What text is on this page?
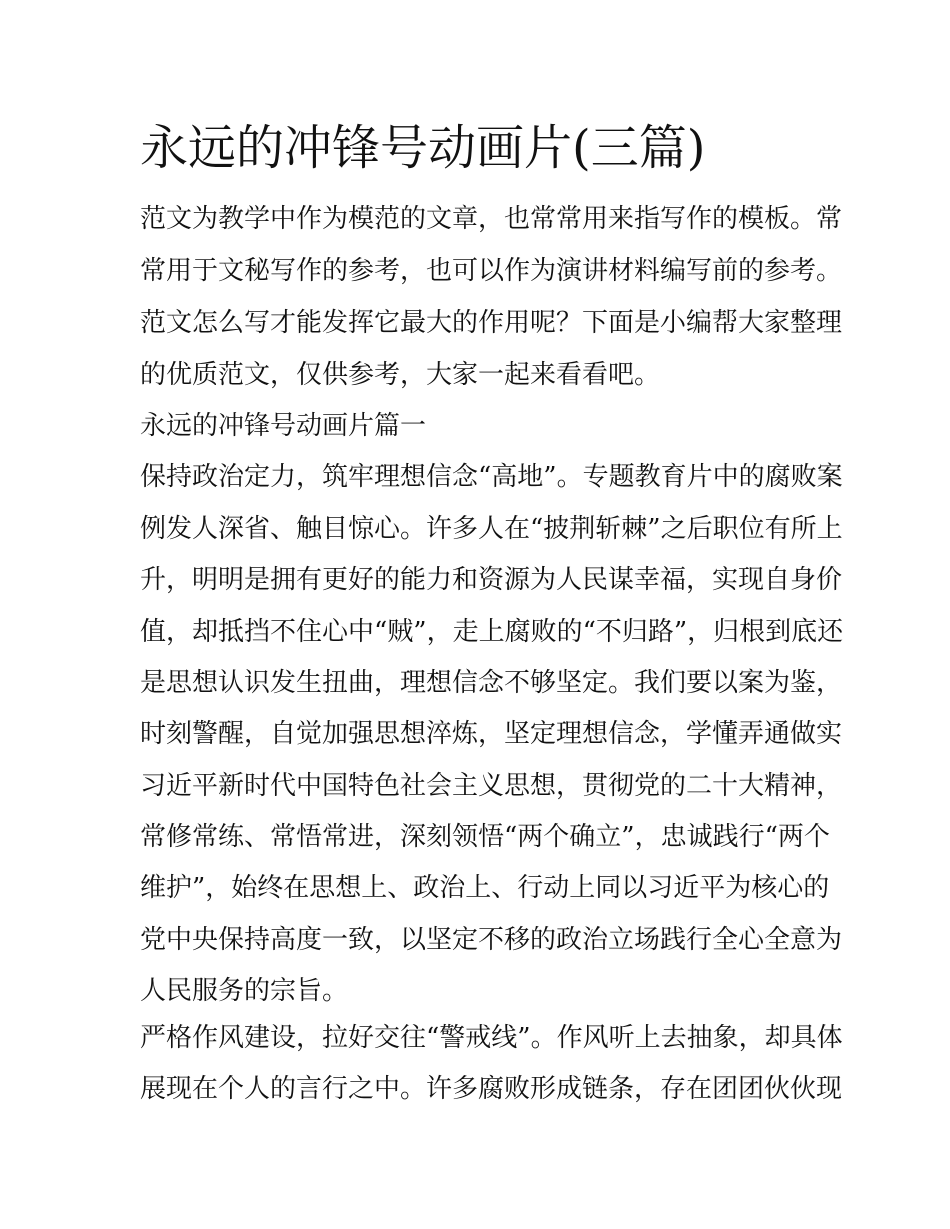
永远的冲锋号动画片(三篇)

范文为教学中作为模范的文章，也常常用来指写作的模板。常

常用于文秘写作的参考，也可以作为演讲材料编写前的参考。

范文怎么写才能发挥它最大的作用呢？下面是小编帮大家整理

的优质范文，仅供参考，大家一起来看看吧。

永远的冲锋号动画片篇一

保持政治定力，筑牢理想信念“高地”。专题教育片中的腐败案

例发人深省、触目惊心。许多人在“披荆斩棘”之后职位有所上

升，明明是拥有更好的能力和资源为人民谋幸福，实现自身价

值，却抵挡不住心中“贼”，走上腐败的“不归路”，归根到底还

是思想认识发生扭曲，理想信念不够坚定。我们要以案为鉴，

时刻警醒，自觉加强思想淬炼，坚定理想信念，学懂弄通做实

习近平新时代中国特色社会主义思想，贯彻党的二十大精神，

常修常练、常悟常进，深刻领悟“两个确立”，忠诚践行“两个

维护”，始终在思想上、政治上、行动上同以习近平为核心的

党中央保持高度一致，以坚定不移的政治立场践行全心全意为

人民服务的宗旨。

严格作风建设，拉好交往“警戒线”。作风听上去抽象，却具体

展现在个人的言行之中。许多腐败形成链条，存在团团伙伙现
